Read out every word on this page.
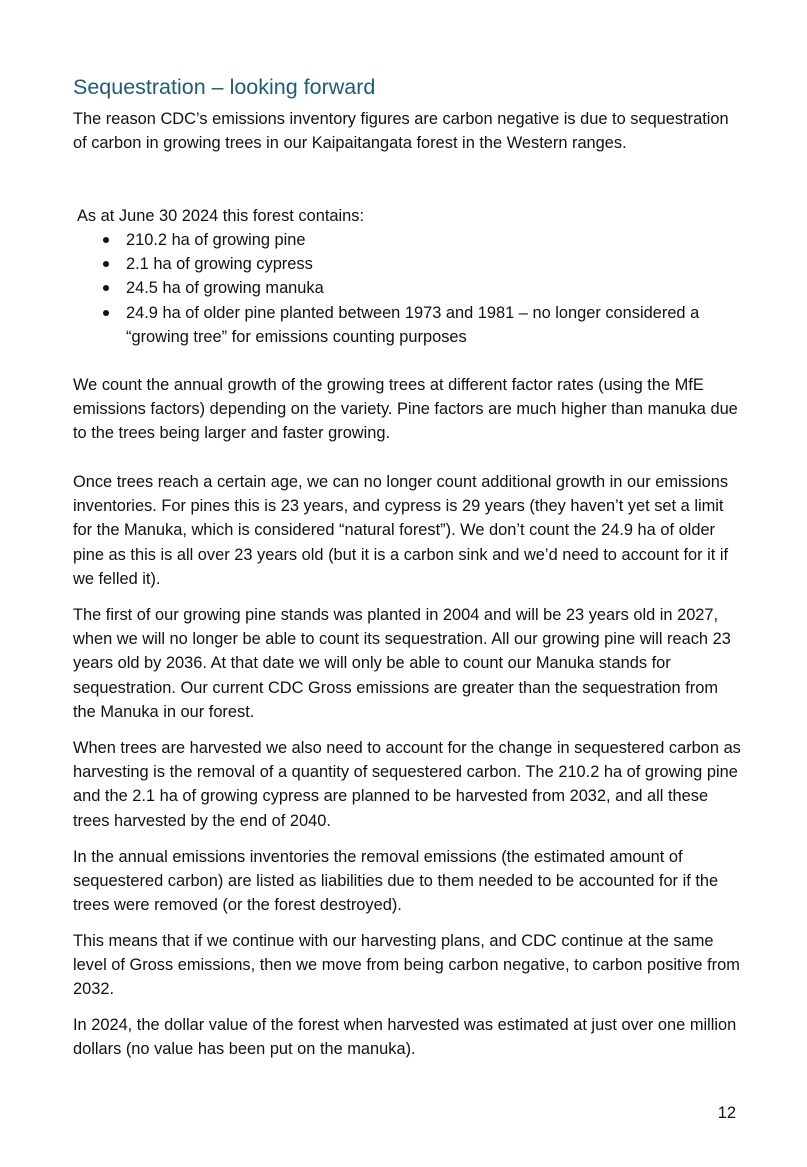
Sequestration – looking forward

The reason CDC’s emissions inventory figures are carbon negative is due to sequestration of carbon in growing trees in our Kaipaitangata forest in the Western ranges.

As at June 30 2024 this forest contains:

210.2 ha of growing pine
2.1 ha of growing cypress
24.5 ha of growing manuka
24.9 ha of older pine planted between 1973 and 1981 – no longer considered a “growing tree” for emissions counting purposes

We count the annual growth of the growing trees at different factor rates (using the MfE emissions factors) depending on the variety. Pine factors are much higher than manuka due to the trees being larger and faster growing.

Once trees reach a certain age, we can no longer count additional growth in our emissions inventories. For pines this is 23 years, and cypress is 29 years (they haven’t yet set a limit for the Manuka, which is considered “natural forest”). We don’t count the 24.9 ha of older pine as this is all over 23 years old (but it is a carbon sink and we’d need to account for it if we felled it).

The first of our growing pine stands was planted in 2004 and will be 23 years old in 2027, when we will no longer be able to count its sequestration. All our growing pine will reach 23 years old by 2036. At that date we will only be able to count our Manuka stands for sequestration. Our current CDC Gross emissions are greater than the sequestration from the Manuka in our forest.

When trees are harvested we also need to account for the change in sequestered carbon as harvesting is the removal of a quantity of sequestered carbon. The 210.2 ha of growing pine and the 2.1 ha of growing cypress are planned to be harvested from 2032, and all these trees harvested by the end of 2040.

In the annual emissions inventories the removal emissions (the estimated amount of sequestered carbon) are listed as liabilities due to them needed to be accounted for if the trees were removed (or the forest destroyed).

This means that if we continue with our harvesting plans, and CDC continue at the same level of Gross emissions, then we move from being carbon negative, to carbon positive from 2032.

In 2024, the dollar value of the forest when harvested was estimated at just over one million dollars (no value has been put on the manuka).

12
